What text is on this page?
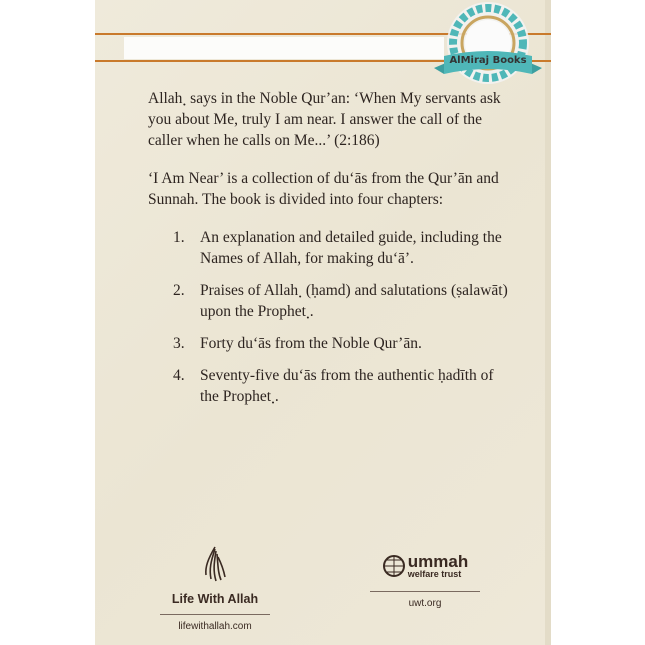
Allah ฺ says in the Noble Qur’an: ‘When My servants ask you about Me, truly I am near. I answer the call of the caller when he calls on Me...’ (2:186)

‘I Am Near’ is a collection of du‘ās from the Qur’ān and Sunnah. The book is divided into four chapters:

1. An explanation and detailed guide, including the Names of Allah, for making du‘ā’.
2. Praises of Allah ฺ (ḥamd) and salutations (ṣalawāt) upon the Prophet ฺ.
3. Forty du‘ās from the Noble Qur’ān.
4. Seventy-five du‘ās from the authentic ḥadīth of the Prophet ฺ.
Life With Allah
lifewithallah.com
ummah
welfare trust
uwt.org
AlMiraj Books
